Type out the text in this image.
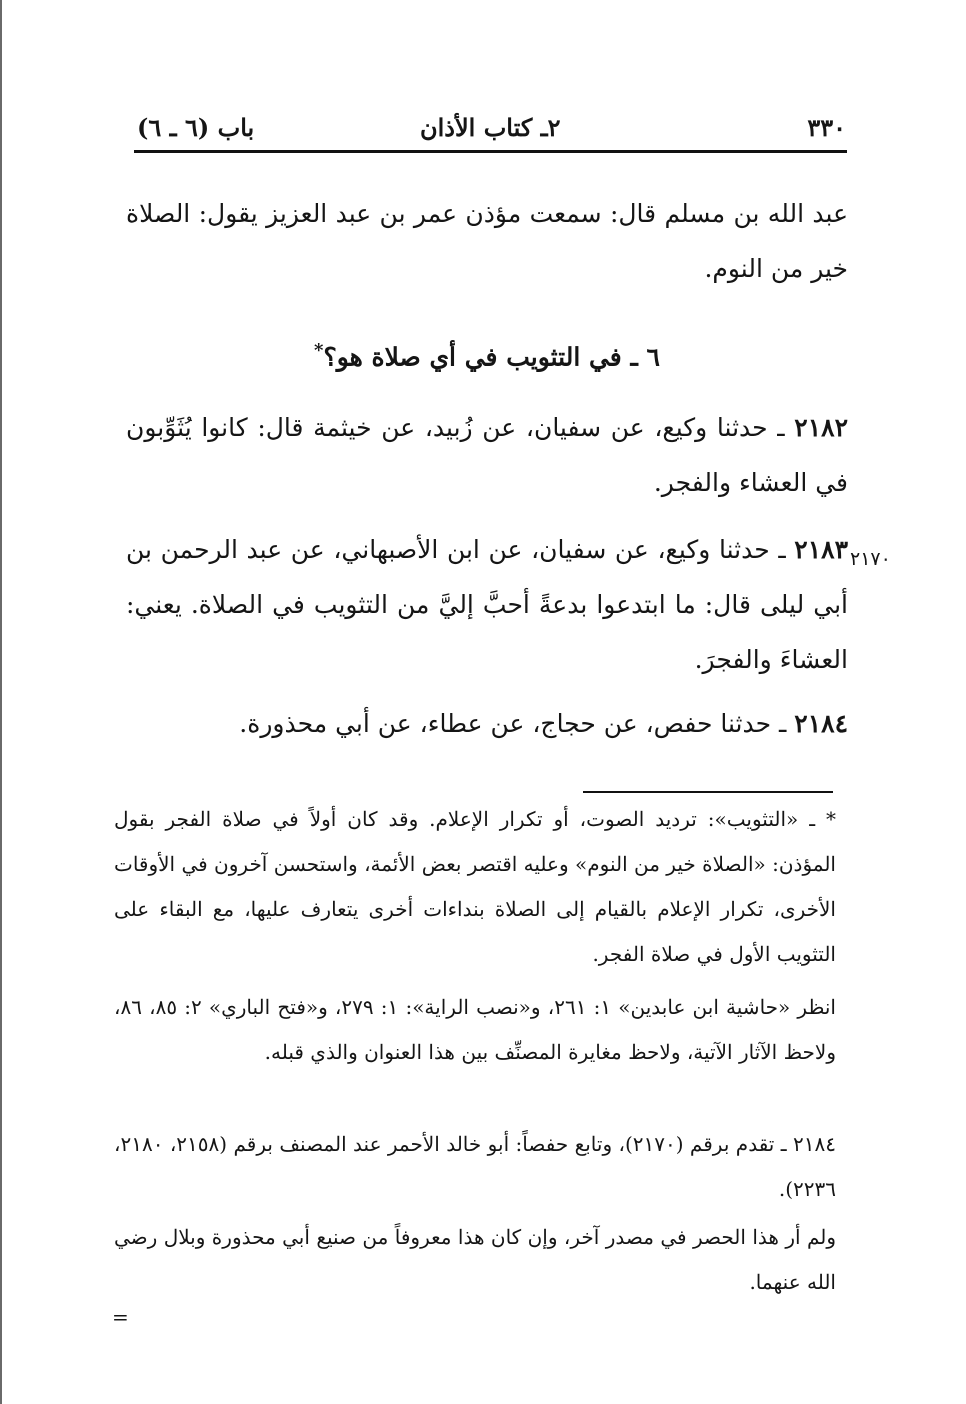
٣٣٠
٢ـ كتاب الأذان
باب (٦ ـ ٦)
عبد الله بن مسلم قال: سمعت مؤذن عمر بن عبد العزيز يقول: الصلاة خير من النوم.
٦ ـ في التثويب في أي صلاة هو؟*
٢١٨٢ ـ حدثنا وكيع، عن سفيان، عن زُبيد، عن خيثمة قال: كانوا يُثَوِّبون في العشاء والفجر.
٢١٧٠
٢١٨٣ ـ حدثنا وكيع، عن سفيان، عن ابن الأصبهاني، عن عبد الرحمن بن أبي ليلى قال: ما ابتدعوا بدعةً أحبَّ إليَّ من التثويب في الصلاة. يعني: العشاءَ والفجرَ.
٢١٨٤ ـ حدثنا حفص، عن حجاج، عن عطاء، عن أبي محذورة.
* ـ «التثويب»: ترديد الصوت، أو تكرار الإعلام. وقد كان أولاً في صلاة الفجر بقول المؤذن: «الصلاة خير من النوم» وعليه اقتصر بعض الأئمة، واستحسن آخرون في الأوقات الأخرى، تكرار الإعلام بالقيام إلى الصلاة بنداءات أخرى يتعارف عليها، مع البقاء على التثويب الأول في صلاة الفجر.
انظر «حاشية ابن عابدين» ١: ٢٦١، و«نصب الراية»: ١: ٢٧٩، و«فتح الباري» ٢: ٨٥، ٨٦، ولاحظ الآثار الآتية، ولاحظ مغايرة المصنِّف بين هذا العنوان والذي قبله.
٢١٨٤ ـ تقدم برقم (٢١٧٠)، وتابع حفصاً: أبو خالد الأحمر عند المصنف برقم (٢١٥٨، ٢١٨٠، ٢٢٣٦).
ولم أر هذا الحصر في مصدر آخر، وإن كان هذا معروفاً من صنيع أبي محذورة وبلال رضي الله عنهما.
=
